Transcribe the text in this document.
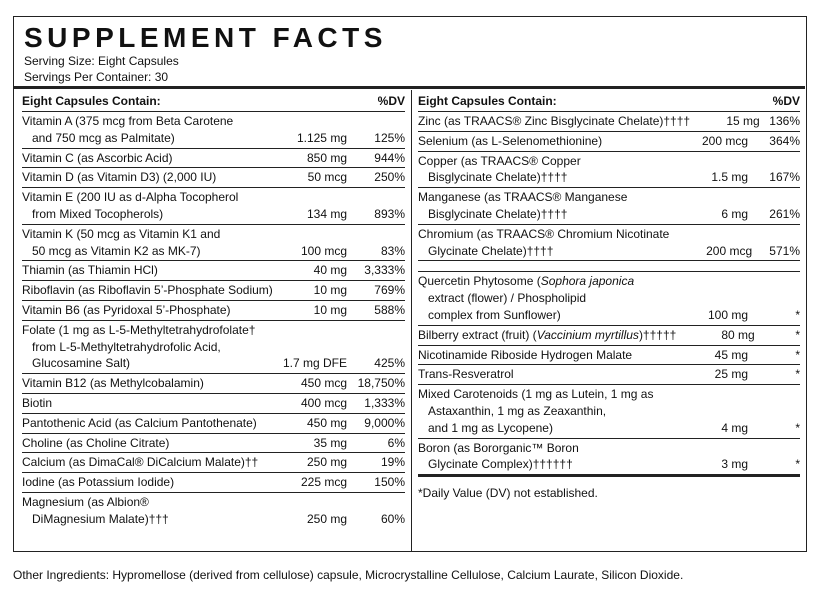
SUPPLEMENT FACTS
Serving Size: Eight Capsules
Servings Per Container: 30
Eight Capsules Contain:	%DV
Vitamin A (375 mcg from Beta Carotene
and 750 mcg as Palmitate)	1.125 mg	125%
Vitamin C (as Ascorbic Acid)	850 mg	944%
Vitamin D (as Vitamin D3) (2,000 IU)	50 mcg	250%
Vitamin E (200 IU as d-Alpha Tocopherol
from Mixed Tocopherols)	134 mg	893%
Vitamin K (50 mcg as Vitamin K1 and
50 mcg as Vitamin K2 as MK-7)	100 mcg	83%
Thiamin (as Thiamin HCl)	40 mg	3,333%
Riboflavin (as Riboflavin 5’-Phosphate Sodium)	10 mg	769%
Vitamin B6 (as Pyridoxal 5’-Phosphate)	10 mg	588%
Folate (1 mg as L-5-Methyltetrahydrofolate†
from L-5-Methyltetrahydrofolic Acid,
Glucosamine Salt)	1.7 mg DFE	425%
Vitamin B12 (as Methylcobalamin)	450 mcg 18,750%
Biotin	400 mcg	1,333%
Pantothenic Acid (as Calcium Pantothenate)	450 mg	9,000%
Choline (as Choline Citrate)	35 mg	6%
Calcium (as DimaCal® DiCalcium Malate)††	250 mg	19%
Iodine (as Potassium Iodide)	225 mcg	150%
Magnesium (as Albion®
DiMagnesium Malate)†††	250 mg	60%
Eight Capsules Contain:	%DV
Zinc (as TRAACS® Zinc Bisglycinate Chelate)††††	15 mg 136%
Selenium (as L-Selenomethionine)	200 mcg	364%
Copper (as TRAACS® Copper
Bisglycinate Chelate)††††	1.5 mg	167%
Manganese (as TRAACS® Manganese
Bisglycinate Chelate)††††	6 mg	261%
Chromium (as TRAACS® Chromium Nicotinate
Glycinate Chelate)††††	200 mcg	571%
Quercetin Phytosome (Sophora japonica
extract (flower) / Phospholipid
complex from Sunflower)	100 mg	*
Bilberry extract (fruit) (Vaccinium myrtillus)†††††	80 mg	*
Nicotinamide Riboside Hydrogen Malate	45 mg	*
Trans-Resveratrol	25 mg	*
Mixed Carotenoids (1 mg as Lutein, 1 mg as
Astaxanthin, 1 mg as Zeaxanthin,
and 1 mg as Lycopene)	4 mg	*
Boron (as Bororganic™ Boron
Glycinate Complex)††††††	3 mg	*
*Daily Value (DV) not established.
Other Ingredients: Hypromellose (derived from cellulose) capsule, Microcrystalline Cellulose, Calcium Laurate, Silicon Dioxide.
